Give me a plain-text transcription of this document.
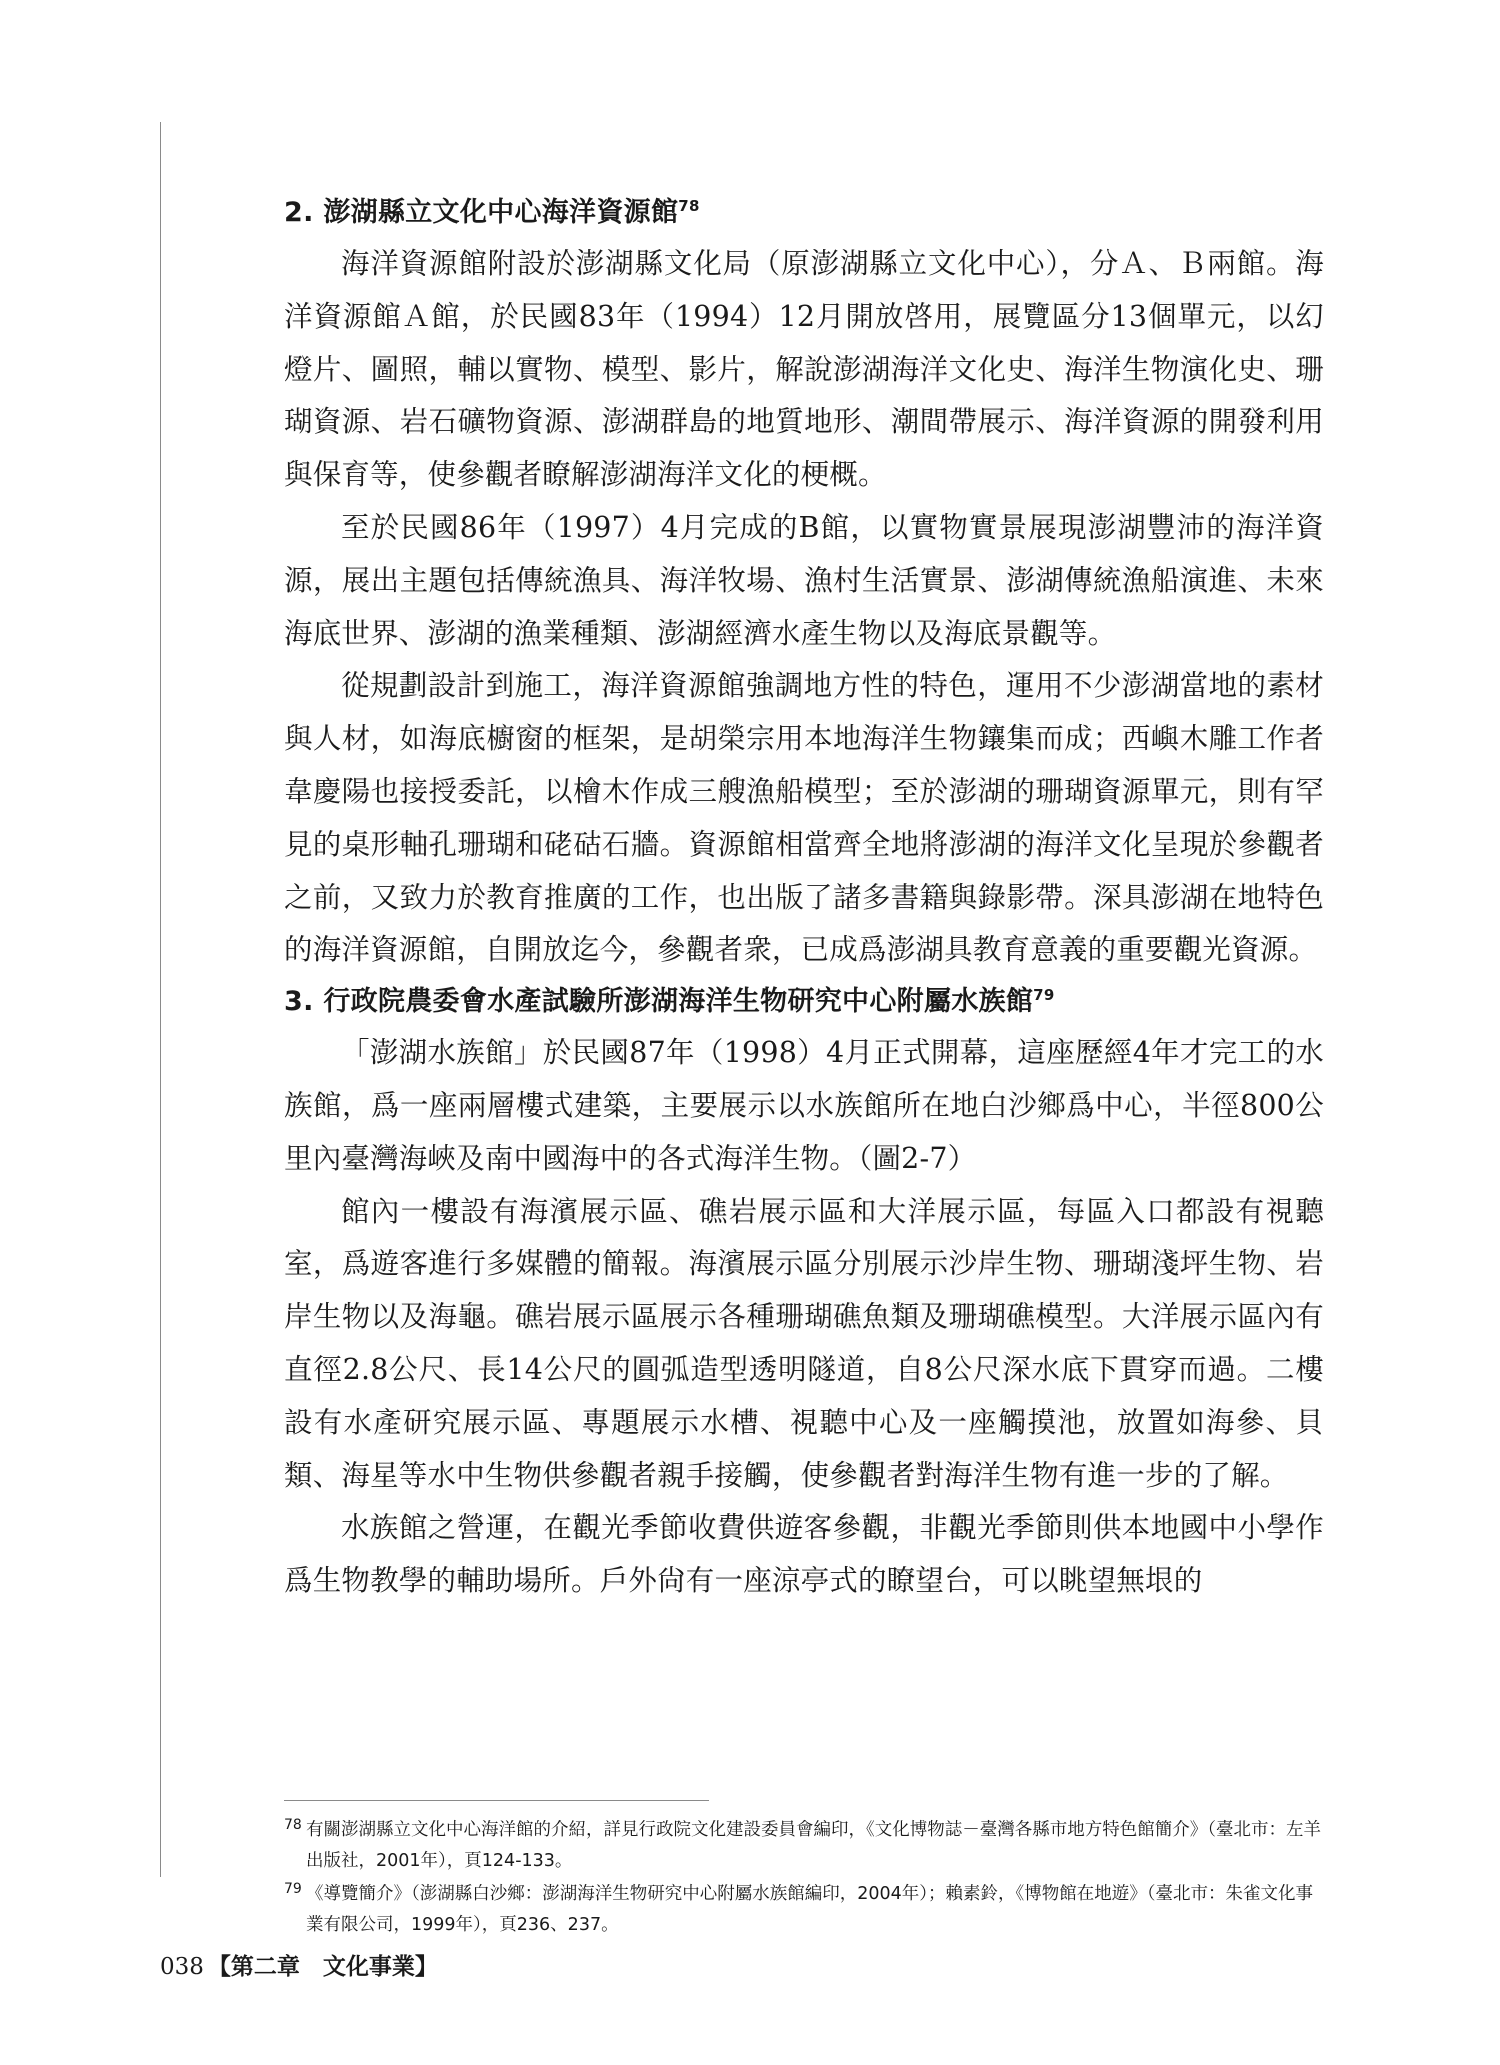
2. 澎湖縣立文化中心海洋資源館$^{78}$

海洋資源館附設於澎湖縣文化局（原澎湖縣立文化中心），分Ａ、Ｂ兩館。海洋資源館Ａ館，於民國83年（1994）12月開放啓用，展覽區分13個單元，以幻燈片、圖照，輔以實物、模型、影片，解說澎湖海洋文化史、海洋生物演化史、珊瑚資源、岩石礦物資源、澎湖群島的地質地形、潮間帶展示、海洋資源的開發利用與保育等，使參觀者瞭解澎湖海洋文化的梗概。

至於民國86年（1997）4月完成的B館，以實物實景展現澎湖豐沛的海洋資源，展出主題包括傳統漁具、海洋牧場、漁村生活實景、澎湖傳統漁船演進、未來海底世界、澎湖的漁業種類、澎湖經濟水產生物以及海底景觀等。

從規劃設計到施工，海洋資源館強調地方性的特色，運用不少澎湖當地的素材與人材，如海底櫥窗的框架，是胡榮宗用本地海洋生物鑲集而成；西嶼木雕工作者韋慶陽也接授委託，以檜木作成三艘漁船模型；至於澎湖的珊瑚資源單元，則有罕見的桌形軸孔珊瑚和硓𥑮石牆。資源館相當齊全地將澎湖的海洋文化呈現於參觀者之前，又致力於教育推廣的工作，也出版了諸多書籍與錄影帶。深具澎湖在地特色的海洋資源館，自開放迄今，參觀者衆，已成爲澎湖具教育意義的重要觀光資源。

3. 行政院農委會水產試驗所澎湖海洋生物研究中心附屬水族館$^{79}$

「澎湖水族館」於民國87年（1998）4月正式開幕，這座歷經4年才完工的水族館，爲一座兩層樓式建築，主要展示以水族館所在地白沙鄉爲中心，半徑800公里內臺灣海峽及南中國海中的各式海洋生物。（圖2-7）

館內一樓設有海濱展示區、礁岩展示區和大洋展示區，每區入口都設有視聽室，爲遊客進行多媒體的簡報。海濱展示區分別展示沙岸生物、珊瑚淺坪生物、岩岸生物以及海龜。礁岩展示區展示各種珊瑚礁魚類及珊瑚礁模型。大洋展示區內有直徑2.8公尺、長14公尺的圓弧造型透明隧道，自8公尺深水底下貫穿而過。二樓設有水產研究展示區、專題展示水槽、視聽中心及一座觸摸池，放置如海參、貝類、海星等水中生物供參觀者親手接觸，使參觀者對海洋生物有進一步的了解。

水族館之營運，在觀光季節收費供遊客參觀，非觀光季節則供本地國中小學作爲生物教學的輔助場所。戶外尙有一座涼亭式的瞭望台，可以眺望無垠的

78 有關澎湖縣立文化中心海洋館的介紹，詳見行政院文化建設委員會編印，《文化博物誌－臺灣各縣市地方特色館簡介》（臺北市：左羊出版社，2001年），頁124-133。
79 《導覽簡介》（澎湖縣白沙鄉：澎湖海洋生物研究中心附屬水族館編印，2004年）；賴素鈴，《博物館在地遊》（臺北市：朱雀文化事業有限公司，1999年），頁236、237。
038 【第二章　文化事業】
